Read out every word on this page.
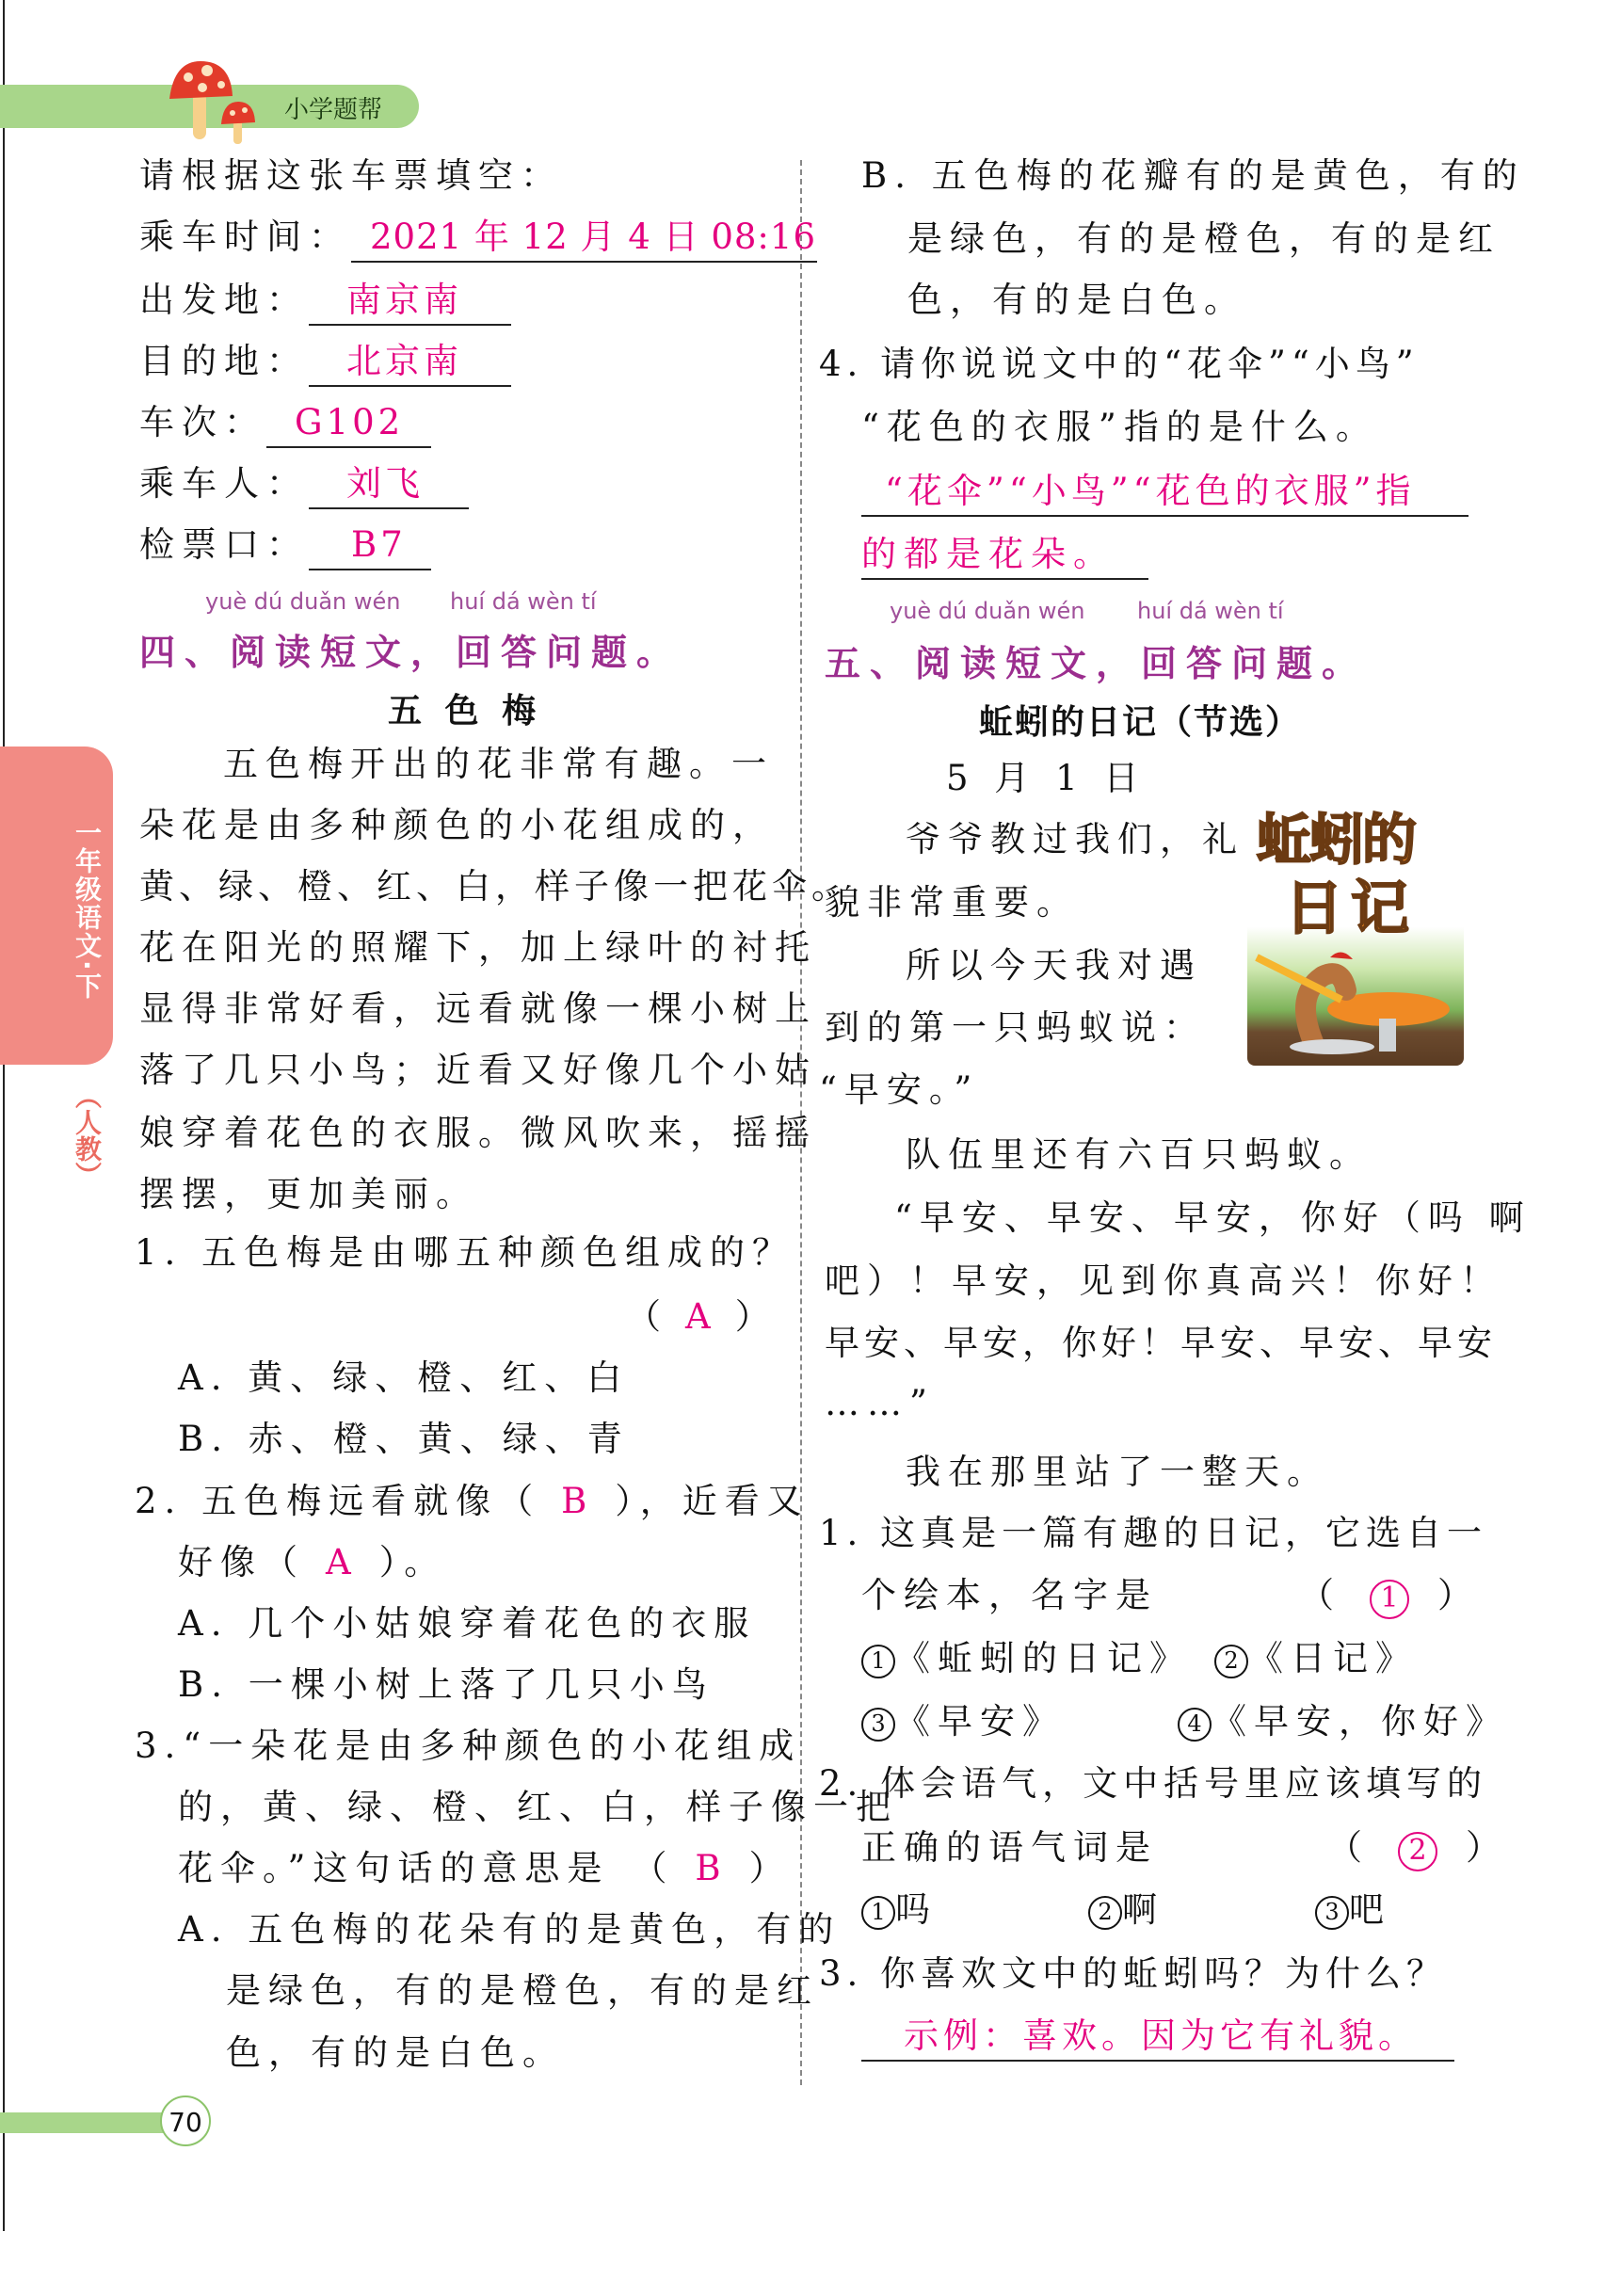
小学题帮
一年级语文·下
（人教）
请根据这张车票填空：
乘车时间： 2021 年 12 月 4 日 08:16
出发地： 南京南
目的地： 北京南
车次： G102
乘车人： 刘飞
检票口： B7
yuè dú duǎn wén huí dá wèn tí
四、阅读短文，回答问题。
五 色 梅
五色梅开出的花非常有趣。一
朵花是由多种颜色的小花组成的，
黄、绿、橙、红、白，样子像一把花伞。
花在阳光的照耀下，加上绿叶的衬托
显得非常好看，远看就像一棵小树上
落了几只小鸟；近看又好像几个小姑
娘穿着花色的衣服。微风吹来，摇摇
摆摆，更加美丽。
1. 五色梅是由哪五种颜色组成的？
（ A ）
A. 黄、绿、橙、红、白
B. 赤、橙、黄、绿、青
2. 五色梅远看就像（ B ），近看又
好像（ A ）。
A. 几个小姑娘穿着花色的衣服
B. 一棵小树上落了几只小鸟
3.“一朵花是由多种颜色的小花组成
的，黄、绿、橙、红、白，样子像一把
花伞。”这句话的意思是 （ B ）
A. 五色梅的花朵有的是黄色，有的
是绿色，有的是橙色，有的是红
色，有的是白色。
B. 五色梅的花瓣有的是黄色，有的
是绿色，有的是橙色，有的是红
色，有的是白色。
4. 请你说说文中的“花伞”“小鸟”
“花色的衣服”指的是什么。
“花伞”“小鸟”“花色的衣服”指
的都是花朵。
yuè dú duǎn wén huí dá wèn tí
五、阅读短文，回答问题。
蚯蚓的日记（节选）
5 月 1 日
蚯蚓的
日记
爷爷教过我们，礼
貌非常重要。
所以今天我对遇
到的第一只蚂蚁说：
“早安。”
队伍里还有六百只蚂蚁。
“早安、早安、早安，你好（吗 啊
吧）！早安，见到你真高兴！你好！
早安、早安，你好！早安、早安、早安
……”
我在那里站了一整天。
1. 这真是一篇有趣的日记，它选自一
个绘本，名字是	（ 1 ）
1 《蚯蚓的日记》 2 《日记》
3 《早安》	4 《早安，你好》
2. 体会语气，文中括号里应该填写的
正确的语气词是	（ 2 ）
1 吗	2 啊	3 吧
3. 你喜欢文中的蚯蚓吗？为什么？
示例：喜欢。因为它有礼貌。
70
